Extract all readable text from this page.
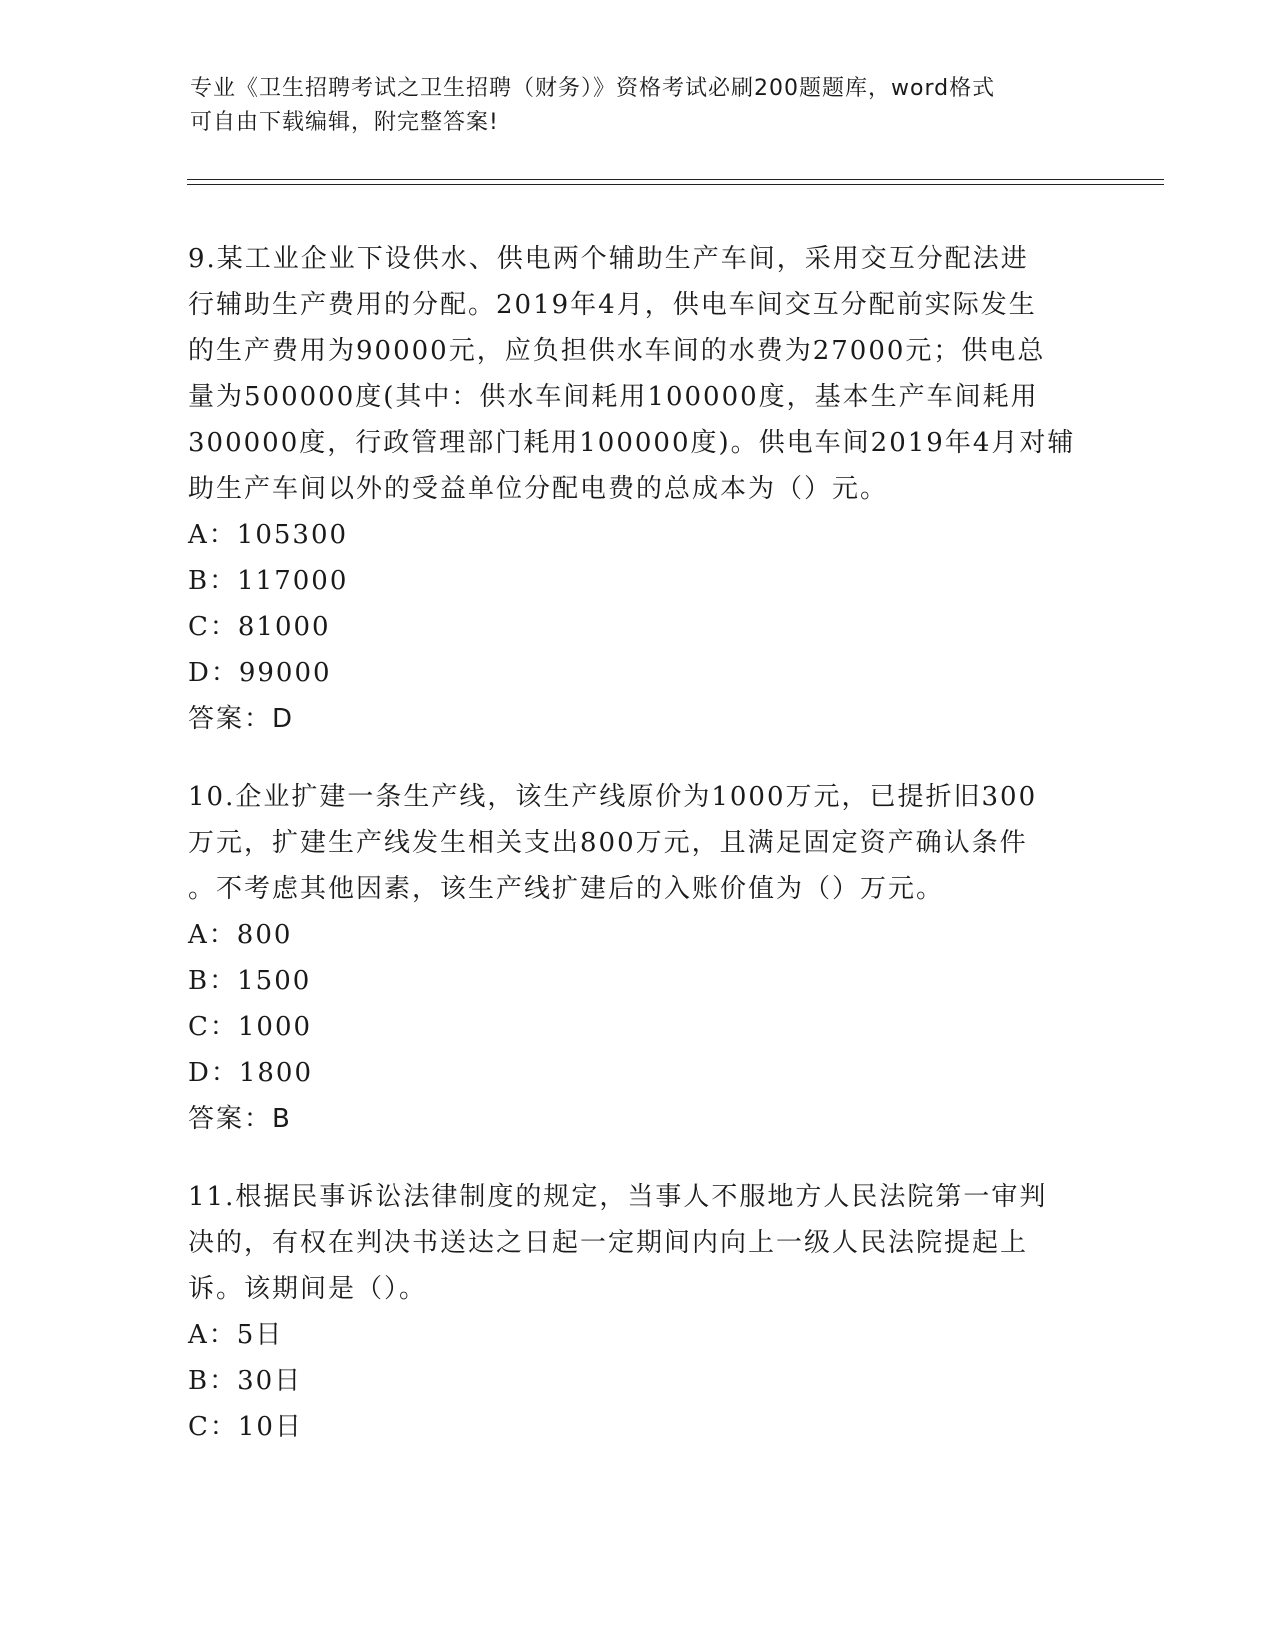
专业《卫生招聘考试之卫生招聘（财务）》资格考试必刷200题题库，word格式
可自由下载编辑，附完整答案!
9.某工业企业下设供水、供电两个辅助生产车间，采用交互分配法进
行辅助生产费用的分配。2019年4月，供电车间交互分配前实际发生
的生产费用为90000元，应负担供水车间的水费为27000元；供电总
量为500000度(其中：供水车间耗用100000度，基本生产车间耗用
300000度，行政管理部门耗用100000度)。供电车间2019年4月对辅
助生产车间以外的受益单位分配电费的总成本为（）元。
A：105300
B：117000
C：81000
D：99000
答案：D
10.企业扩建一条生产线，该生产线原价为1000万元，已提折旧300
万元，扩建生产线发生相关支出800万元，且满足固定资产确认条件
。不考虑其他因素，该生产线扩建后的入账价值为（）万元。
A：800
B：1500
C：1000
D：1800
答案：B
11.根据民事诉讼法律制度的规定，当事人不服地方人民法院第一审判
决的，有权在判决书送达之日起一定期间内向上一级人民法院提起上
诉。该期间是（）。
A：5日
B：30日
C：10日
